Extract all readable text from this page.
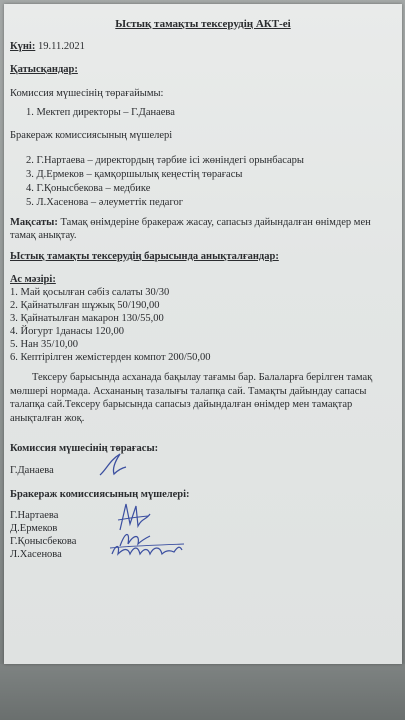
Ыстық тамақты тексерудің АКТ-ei
Күні: 19.11.2021
Қатысқандар:
Комиссия мүшесінің төрағайымы:
1. Мектеп директоры – Г.Данаева
Бракераж комиссиясының мүшелері
2. Г.Нартаева – директордың тәрбие ісі жөніндегі орынбасары
3. Д.Ермеков – қамқоршылық кеңестің төрағасы
4. Г.Қонысбекова – медбике
5. Л.Хасенова – әлеуметтік педагог
Мақсаты: Тамақ өнімдеріне бракераж жасау, сапасыз дайындалған өнімдер мен тамақ анықтау.
Ыстық тамақты тексерудің барысында анықталғандар:
Ас мәзірі:
1. Май қосылған сәбіз салаты 30/30
2. Қайнатылған шұжық 50/190,00
3. Қайнатылған макарон 130/55,00
4. Йогурт 1данасы 120,00
5. Нан 35/10,00
6. Кептірілген жемістерден компот 200/50,00
Тексеру барысында асханада бақылау тағамы бар. Балаларға берілген тамақ мөлшері нормада. Асхананың тазалығы талапқа сай. Тамақты дайындау сапасы талапқа сай.Тексеру барысында сапасыз дайындалған өнімдер мен тамақтар анықталған жоқ.
Комиссия мүшесінің төрағасы:
Г.Данаева
Бракераж комиссиясының мүшелері:
Г.Нартаева
Д.Ермеков
Г.Қонысбекова
Л.Хасенова
